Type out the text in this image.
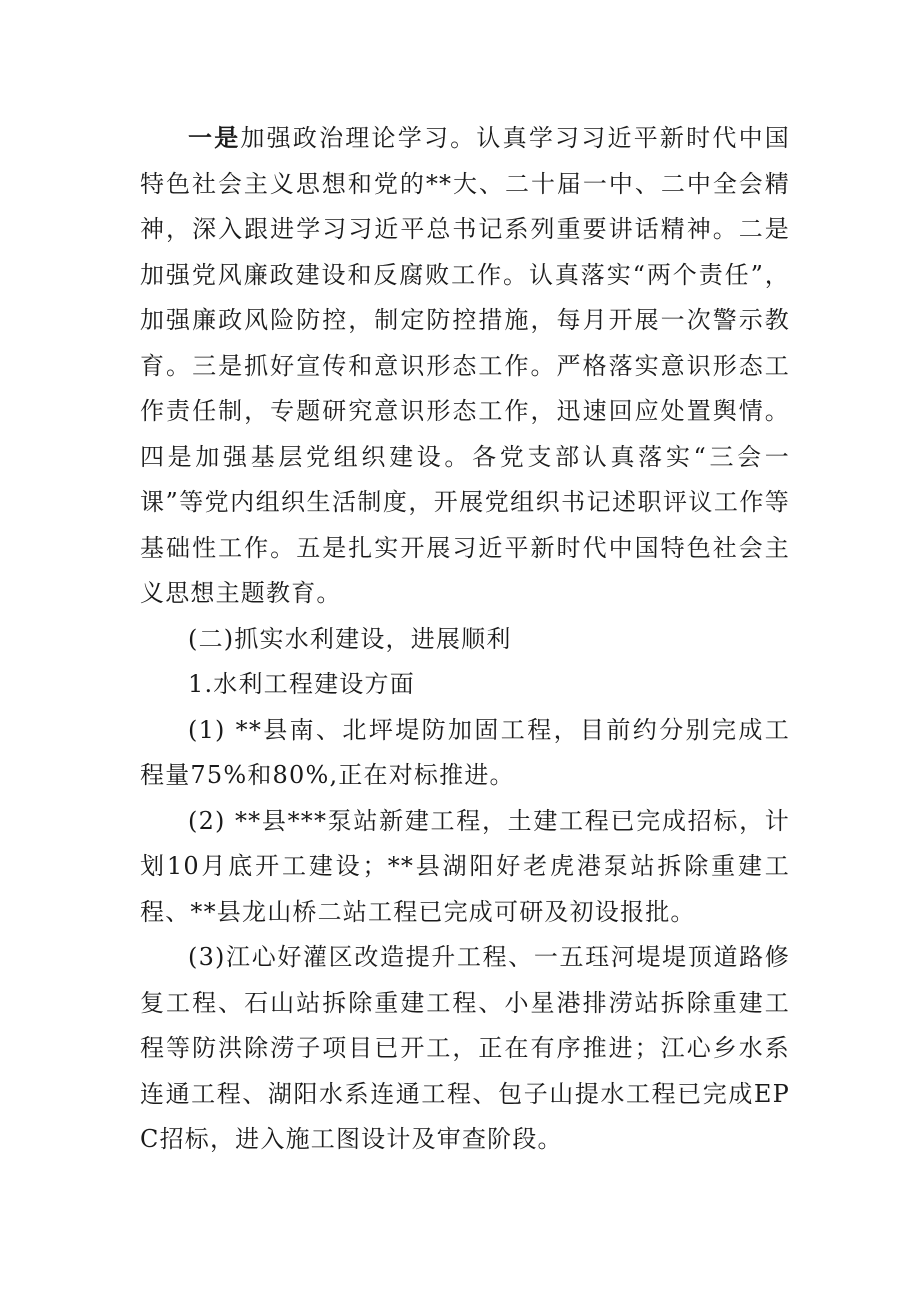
一是加强政治理论学习。认真学习习近平新时代中国特色社会主义思想和党的**大、二十届一中、二中全会精神，深入跟进学习习近平总书记系列重要讲话精神。二是加强党风廉政建设和反腐败工作。认真落实“两个责任”，加强廉政风险防控，制定防控措施，每月开展一次警示教育。三是抓好宣传和意识形态工作。严格落实意识形态工作责任制，专题研究意识形态工作，迅速回应处置舆情。四是加强基层党组织建设。各党支部认真落实“三会一课”等党内组织生活制度，开展党组织书记述职评议工作等基础性工作。五是扎实开展习近平新时代中国特色社会主义思想主题教育。

(二)抓实水利建设，进展顺利

1.水利工程建设方面

(1) **县南、北坪堤防加固工程，目前约分别完成工程量75%和80%,正在对标推进。

(2) **县***泵站新建工程，土建工程已完成招标，计划10月底开工建设；**县湖阳好老虎港泵站拆除重建工程、**县龙山桥二站工程已完成可研及初设报批。

(3)江心好灌区改造提升工程、一五珏河堤堤顶道路修复工程、石山站拆除重建工程、小星港排涝站拆除重建工程等防洪除涝子项目已开工，正在有序推进；江心乡水系连通工程、湖阳水系连通工程、包子山提水工程已完成EPC招标，进入施工图设计及审查阶段。
